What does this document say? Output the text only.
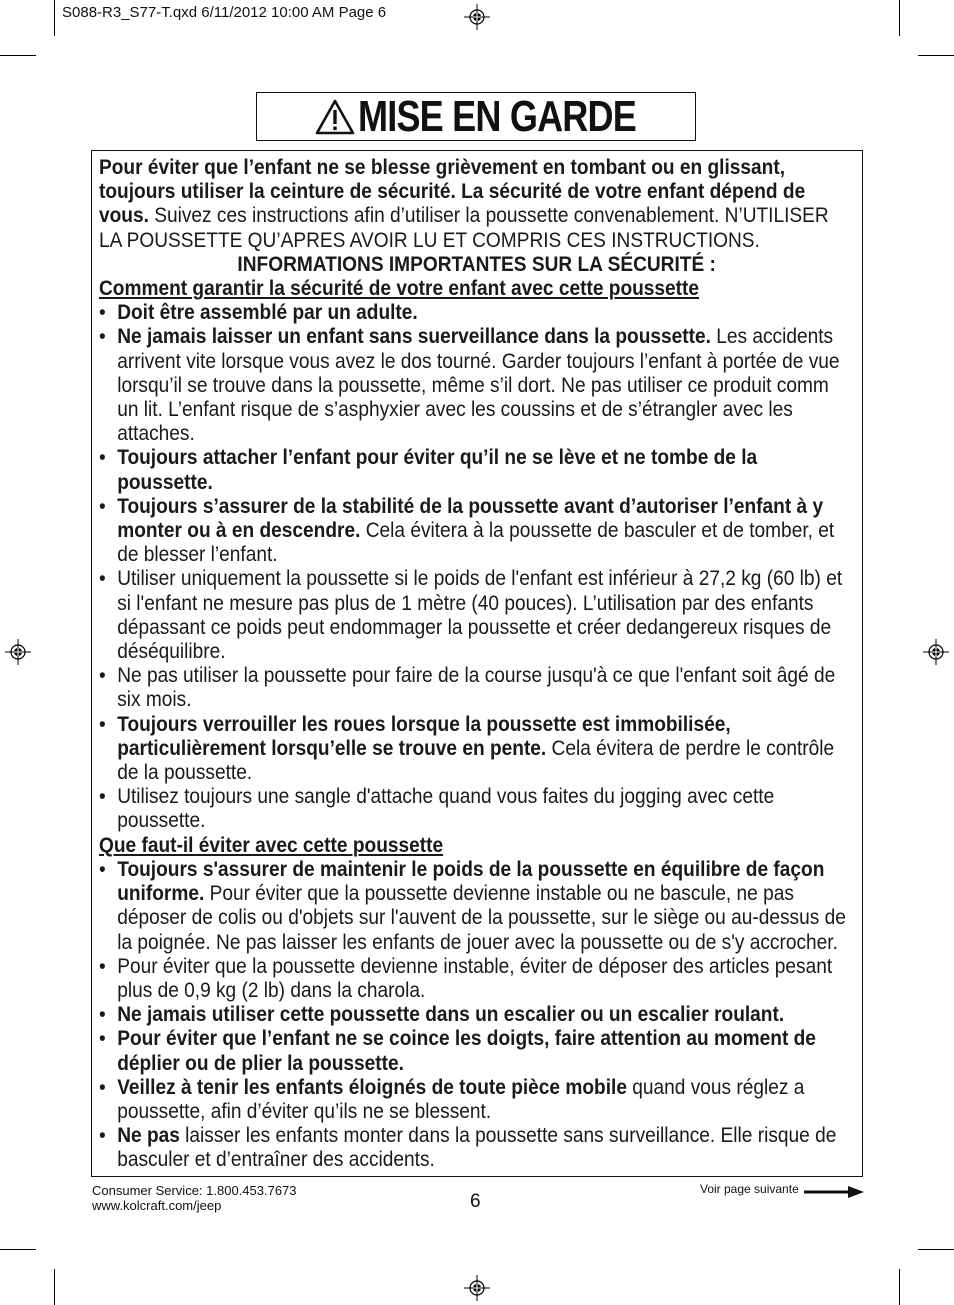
S088-R3_S77-T.qxd 6/11/2012 10:00 AM Page 6
MISE EN GARDE

Pour éviter que l’enfant ne se blesse grièvement en tombant ou en glissant, toujours utiliser la ceinture de sécurité. La sécurité de votre enfant dépend de vous. Suivez ces instructions afin d’utiliser la poussette convenablement. N’UTILISER LA POUSSETTE QU’APRES AVOIR LU ET COMPRIS CES INSTRUCTIONS.

INFORMATIONS IMPORTANTES SUR LA SÉCURITÉ :

Comment garantir la sécurité de votre enfant avec cette poussette

• Doit être assemblé par un adulte.

• Ne jamais laisser un enfant sans suerveillance dans la poussette. Les accidents arrivent vite lorsque vous avez le dos tourné. Garder toujours l’enfant à portée de vue lorsqu’il se trouve dans la poussette, même s’il dort. Ne pas utiliser ce produit comm un lit. L’enfant risque de s’asphyxier avec les coussins et de s’étrangler avec les attaches.

• Toujours attacher l’enfant pour éviter qu’il ne se lève et ne tombe de la poussette.

• Toujours s’assurer de la stabilité de la poussette avant d’autoriser l’enfant à y monter ou à en descendre. Cela évitera à la poussette de basculer et de tomber, et de blesser l’enfant.

• Utiliser uniquement la poussette si le poids de l'enfant est inférieur à 27,2 kg (60 lb) et si l'enfant ne mesure pas plus de 1 mètre (40 pouces). L’utilisation par des enfants dépassant ce poids peut endommager la poussette et créer dedangereux risques de déséquilibre.

• Ne pas utiliser la poussette pour faire de la course jusqu'à ce que l'enfant soit âgé de six mois.

• Toujours verrouiller les roues lorsque la poussette est immobilisée, particulièrement lorsqu’elle se trouve en pente. Cela évitera de perdre le contrôle de la poussette.

• Utilisez toujours une sangle d'attache quand vous faites du jogging avec cette poussette.

Que faut-il éviter avec cette poussette

• Toujours s'assurer de maintenir le poids de la poussette en équilibre de façon uniforme. Pour éviter que la poussette devienne instable ou ne bascule, ne pas déposer de colis ou d'objets sur l'auvent de la poussette, sur le siège ou au-dessus de la poignée. Ne pas laisser les enfants de jouer avec la poussette ou de s'y accrocher.

• Pour éviter que la poussette devienne instable, éviter de déposer des articles pesant plus de 0,9 kg (2 lb) dans la charola.

• Ne jamais utiliser cette poussette dans un escalier ou un escalier roulant.

• Pour éviter que l’enfant ne se coince les doigts, faire attention au moment de déplier ou de plier la poussette.

• Veillez à tenir les enfants éloignés de toute pièce mobile quand vous réglez a poussette, afin d’éviter qu’ils ne se blessent.

• Ne pas laisser les enfants monter dans la poussette sans surveillance. Elle risque de basculer et d’entraîner des accidents.

Consumer Service: 1.800.453.7673
www.kolcraft.com/jeep	6
Voir page suivante
